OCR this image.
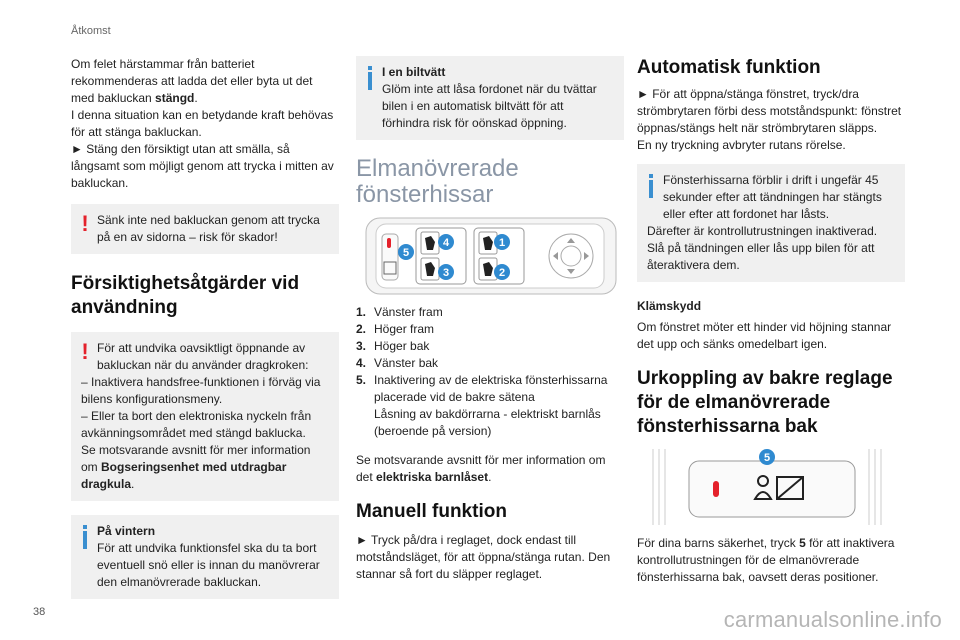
Åtkomst

Om felet härstammar från batteriet rekommenderas att ladda det eller byta ut det med bakluckan stängd.

I denna situation kan en betydande kraft behövas för att stänga bakluckan.

► Stäng den försiktigt utan att smälla, så långsamt som möjligt genom att trycka i mitten av bakluckan.

! Sänk inte ned bakluckan genom att trycka på en av sidorna – risk för skador!
Försiktighetsåtgärder vid användning
! För att undvika oavsiktligt öppnande av bakluckan när du använder dragkroken:
– Inaktivera handsfree-funktionen i förväg via bilens konfigurationsmeny.
– Eller ta bort den elektroniska nyckeln från avkänningsområdet med stängd baklucka.
Se motsvarande avsnitt för mer information om Bogseringsenhet med utdragbar dragkula.
På vintern
För att undvika funktionsfel ska du ta bort eventuell snö eller is innan du manövrerar den elmanövrerade bakluckan.
I en biltvätt
Glöm inte att låsa fordonet när du tvättar bilen i en automatisk biltvätt för att förhindra risk för oönskad öppning.
Elmanövrerade fönsterhissar
4	1
5
3	2
1. Vänster fram
2. Höger fram
3. Höger bak
4. Vänster bak
5. Inaktivering av de elektriska fönsterhissarna placerade vid de bakre sätena
Låsning av bakdörrarna - elektriskt barnlås (beroende på version)

Se motsvarande avsnitt för mer information om det elektriska barnlåset.

Manuell funktion

► Tryck på/dra i reglaget, dock endast till motståndsläget, för att öppna/stänga rutan. Den stannar så fort du släpper reglaget.

Automatisk funktion

► För att öppna/stänga fönstret, tryck/dra strömbrytaren förbi dess motståndspunkt: fönstret öppnas/stängs helt när strömbrytaren släpps.

En ny tryckning avbryter rutans rörelse.

Fönsterhissarna förblir i drift i ungefär 45 sekunder efter att tändningen har stängts eller efter att fordonet har låsts.
Därefter är kontrollutrustningen inaktiverad.
Slå på tändningen eller lås upp bilen för att återaktivera dem.
Klämskydd

Om fönstret möter ett hinder vid höjning stannar det upp och sänks omedelbart igen.

Urkoppling av bakre reglage för de elmanövrerade fönsterhissarna bak
5

För dina barns säkerhet, tryck 5 för att inaktivera kontrollutrustningen för de elmanövrerade fönsterhissarna bak, oavsett deras positioner.

38	carmanualsonline.info
